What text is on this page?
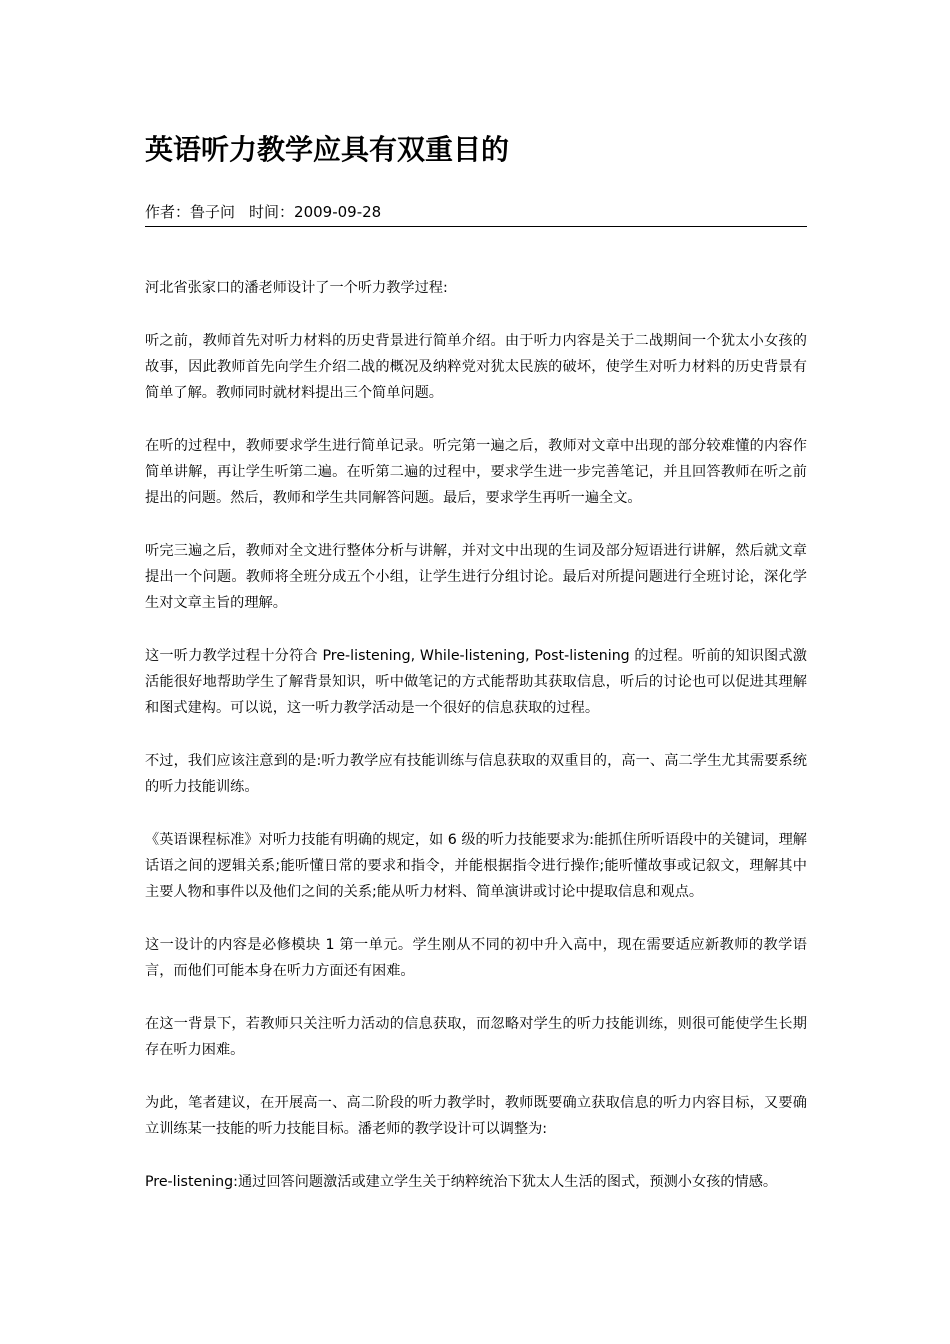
英语听力教学应具有双重目的
作者：鲁子问 时间：2009-09-28

河北省张家口的潘老师设计了一个听力教学过程:

听之前，教师首先对听力材料的历史背景进行简单介绍。由于听力内容是关于二战期间一个犹太小女孩的故事，因此教师首先向学生介绍二战的概况及纳粹党对犹太民族的破坏，使学生对听力材料的历史背景有简单了解。教师同时就材料提出三个简单问题。

在听的过程中，教师要求学生进行简单记录。听完第一遍之后，教师对文章中出现的部分较难懂的内容作简单讲解，再让学生听第二遍。在听第二遍的过程中，要求学生进一步完善笔记，并且回答教师在听之前提出的问题。然后，教师和学生共同解答问题。最后，要求学生再听一遍全文。

听完三遍之后，教师对全文进行整体分析与讲解，并对文中出现的生词及部分短语进行讲解，然后就文章提出一个问题。教师将全班分成五个小组，让学生进行分组讨论。最后对所提问题进行全班讨论，深化学生对文章主旨的理解。

这一听力教学过程十分符合 Pre-listening, While-listening, Post-listening 的过程。听前的知识图式激活能很好地帮助学生了解背景知识，听中做笔记的方式能帮助其获取信息，听后的讨论也可以促进其理解和图式建构。可以说，这一听力教学活动是一个很好的信息获取的过程。

不过，我们应该注意到的是:听力教学应有技能训练与信息获取的双重目的，高一、高二学生尤其需要系统的听力技能训练。

《英语课程标准》对听力技能有明确的规定，如 6 级的听力技能要求为:能抓住所听语段中的关键词，理解话语之间的逻辑关系;能听懂日常的要求和指令，并能根据指令进行操作;能听懂故事或记叙文，理解其中主要人物和事件以及他们之间的关系;能从听力材料、简单演讲或讨论中提取信息和观点。

这一设计的内容是必修模块 1 第一单元。学生刚从不同的初中升入高中，现在需要适应新教师的教学语言，而他们可能本身在听力方面还有困难。

在这一背景下，若教师只关注听力活动的信息获取，而忽略对学生的听力技能训练，则很可能使学生长期存在听力困难。

为此，笔者建议，在开展高一、高二阶段的听力教学时，教师既要确立获取信息的听力内容目标，又要确立训练某一技能的听力技能目标。潘老师的教学设计可以调整为:

Pre-listening:通过回答问题激活或建立学生关于纳粹统治下犹太人生活的图式，预测小女孩的情感。
